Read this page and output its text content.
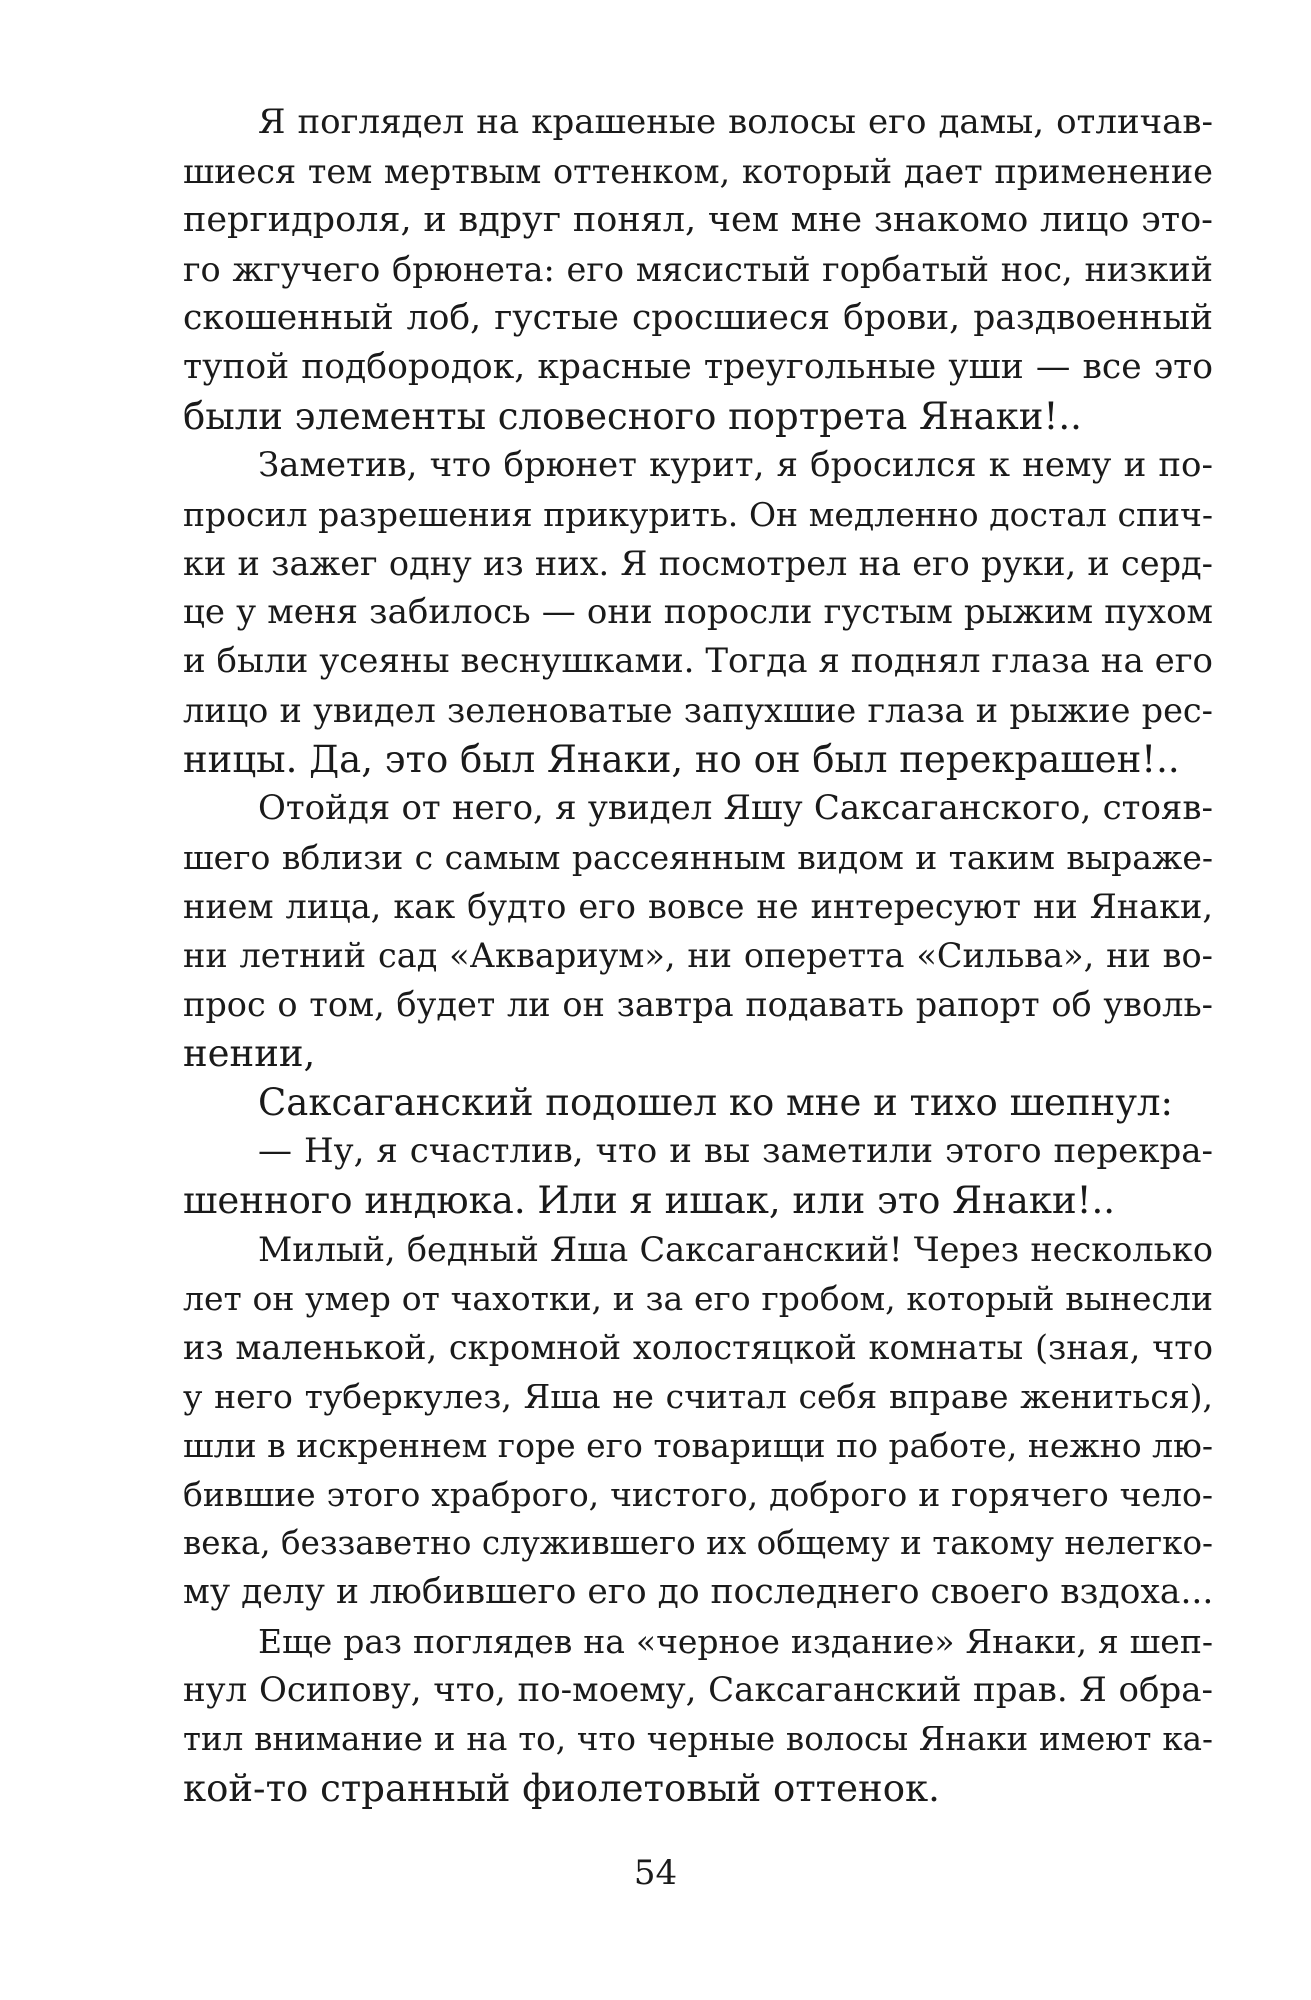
Я поглядел на крашеные волосы его дамы, отличав-
шиеся тем мертвым оттенком, который дает применение
пергидроля, и вдруг понял, чем мне знакомо лицо это-
го жгучего брюнета: его мясистый горбатый нос, низкий
скошенный лоб, густые сросшиеся брови, раздвоенный
тупой подбородок, красные треугольные уши — все это
были элементы словесного портрета Янаки!..
Заметив, что брюнет курит, я бросился к нему и по-
просил разрешения прикурить. Он медленно достал спич-
ки и зажег одну из них. Я посмотрел на его руки, и серд-
це у меня забилось — они поросли густым рыжим пухом
и были усеяны веснушками. Тогда я поднял глаза на его
лицо и увидел зеленоватые запухшие глаза и рыжие рес-
ницы. Да, это был Янаки, но он был перекрашен!..
Отойдя от него, я увидел Яшу Саксаганского, стояв-
шего вблизи с самым рассеянным видом и таким выраже-
нием лица, как будто его вовсе не интересуют ни Янаки,
ни летний сад «Аквариум», ни оперетта «Сильва», ни во-
прос о том, будет ли он завтра подавать рапорт об уволь-
нении,
Саксаганский подошел ко мне и тихо шепнул:
— Ну, я счастлив, что и вы заметили этого перекра-
шенного индюка. Или я ишак, или это Янаки!..
Милый, бедный Яша Саксаганский! Через несколько
лет он умер от чахотки, и за его гробом, который вынесли
из маленькой, скромной холостяцкой комнаты (зная, что
у него туберкулез, Яша не считал себя вправе жениться),
шли в искреннем горе его товарищи по работе, нежно лю-
бившие этого храброго, чистого, доброго и горячего чело-
века, беззаветно служившего их общему и такому нелегко-
му делу и любившего его до последнего своего вздоха...
Еще раз поглядев на «черное издание» Янаки, я шеп-
нул Осипову, что, по-моему, Саксаганский прав. Я обра-
тил внимание и на то, что черные волосы Янаки имеют ка-
кой-то странный фиолетовый оттенок.
54
